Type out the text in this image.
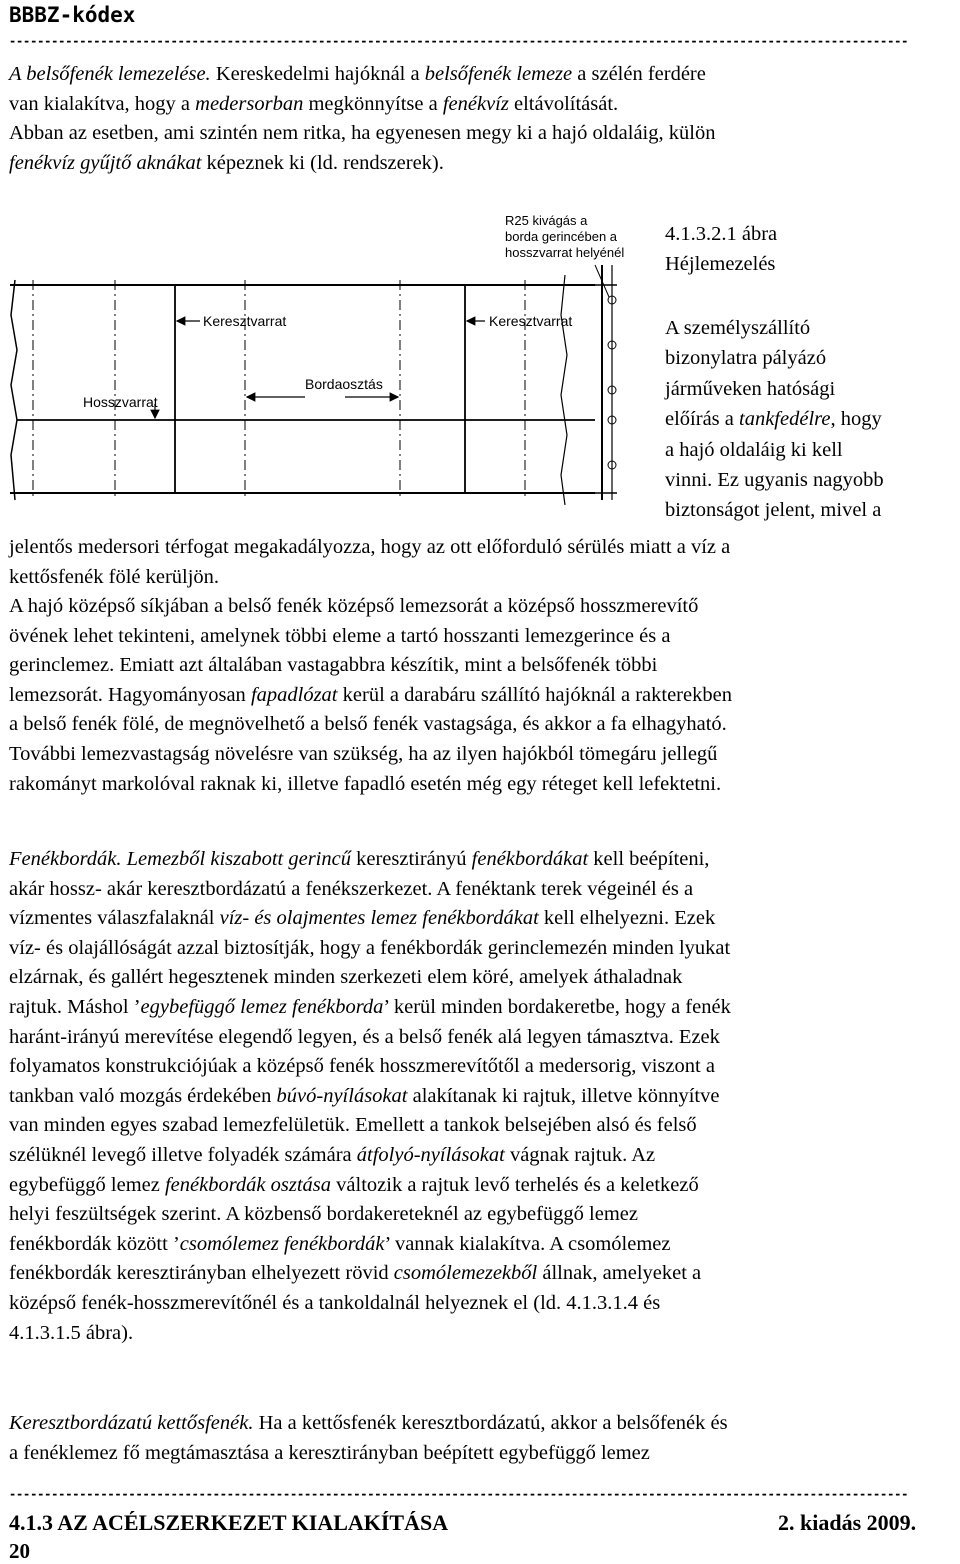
BBBZ-kódex
--------------------------------------------------------------------------------------------------------------------------------
A belsőfenék lemezelése. Kereskedelmi hajóknál a belsőfenék lemeze a szélén ferdére
van kialakítva, hogy a medersorban megkönnyítse a fenékvíz eltávolítását.
Abban az esetben, ami szintén nem ritka, ha egyenesen megy ki a hajó oldaláig, külön
fenékvíz gyűjtő aknákat képeznek ki (ld. rendszerek).
Keresztvarrat	Keresztvarrat
Bordaosztás
Hosszvarrat
R25 kivágás a
borda gerincében a
hosszvarrat helyénél
4.1.3.2.1 ábra
Héjlemezelés
A személyszállító
bizonylatra pályázó
járműveken hatósági
előírás a tankfedélre, hogy
a hajó oldaláig ki kell
vinni. Ez ugyanis nagyobb
biztonságot jelent, mivel a
jelentős medersori térfogat megakadályozza, hogy az ott előforduló sérülés miatt a víz a
kettősfenék fölé kerüljön.
A hajó középső síkjában a belső fenék középső lemezsorát a középső hosszmerevítő
övének lehet tekinteni, amelynek többi eleme a tartó hosszanti lemezgerince és a
gerinclemez. Emiatt azt általában vastagabbra készítik, mint a belsőfenék többi
lemezsorát. Hagyományosan fapadlózat kerül a darabáru szállító hajóknál a rakterekben
a belső fenék fölé, de megnövelhető a belső fenék vastagsága, és akkor a fa elhagyható.
További lemezvastagság növelésre van szükség, ha az ilyen hajókból tömegáru jellegű
rakományt markolóval raknak ki, illetve fapadló esetén még egy réteget kell lefektetni.
Fenékbordák. Lemezből kiszabott gerincű keresztirányú fenékbordákat kell beépíteni,
akár hossz- akár keresztbordázatú a fenékszerkezet. A fenéktank terek végeinél és a
vízmentes válaszfalaknál víz- és olajmentes lemez fenékbordákat kell elhelyezni. Ezek
víz- és olajállóságát azzal biztosítják, hogy a fenékbordák gerinclemezén minden lyukat
elzárnak, és gallért hegesztenek minden szerkezeti elem köré, amelyek áthaladnak
rajtuk. Máshol ’egybefüggő lemez fenékborda’ kerül minden bordakeretbe, hogy a fenék
haránt-irányú merevítése elegendő legyen, és a belső fenék alá legyen támasztva. Ezek
folyamatos konstrukciójúak a középső fenék hosszmerevítőtől a medersorig, viszont a
tankban való mozgás érdekében búvó-nyílásokat alakítanak ki rajtuk, illetve könnyítve
van minden egyes szabad lemezfelületük. Emellett a tankok belsejében alsó és felső
szélüknél levegő illetve folyadék számára átfolyó-nyílásokat vágnak rajtuk. Az
egybefüggő lemez fenékbordák osztása változik a rajtuk levő terhelés és a keletkező
helyi feszültségek szerint. A közbenső bordakereteknél az egybefüggő lemez
fenékbordák között ’csomólemez fenékbordák’ vannak kialakítva. A csomólemez
fenékbordák keresztirányban elhelyezett rövid csomólemezekből állnak, amelyeket a
középső fenék-hosszmerevítőnél és a tankoldalnál helyeznek el (ld. 4.1.3.1.4 és
4.1.3.1.5 ábra).
Keresztbordázatú kettősfenék. Ha a kettősfenék keresztbordázatú, akkor a belsőfenék és
a fenéklemez fő megtámasztása a keresztirányban beépített egybefüggő lemez
--------------------------------------------------------------------------------------------------------------------------------
4.1.3 AZ ACÉLSZERKEZET KIALAKÍTÁSA	2. kiadás 2009.
20
